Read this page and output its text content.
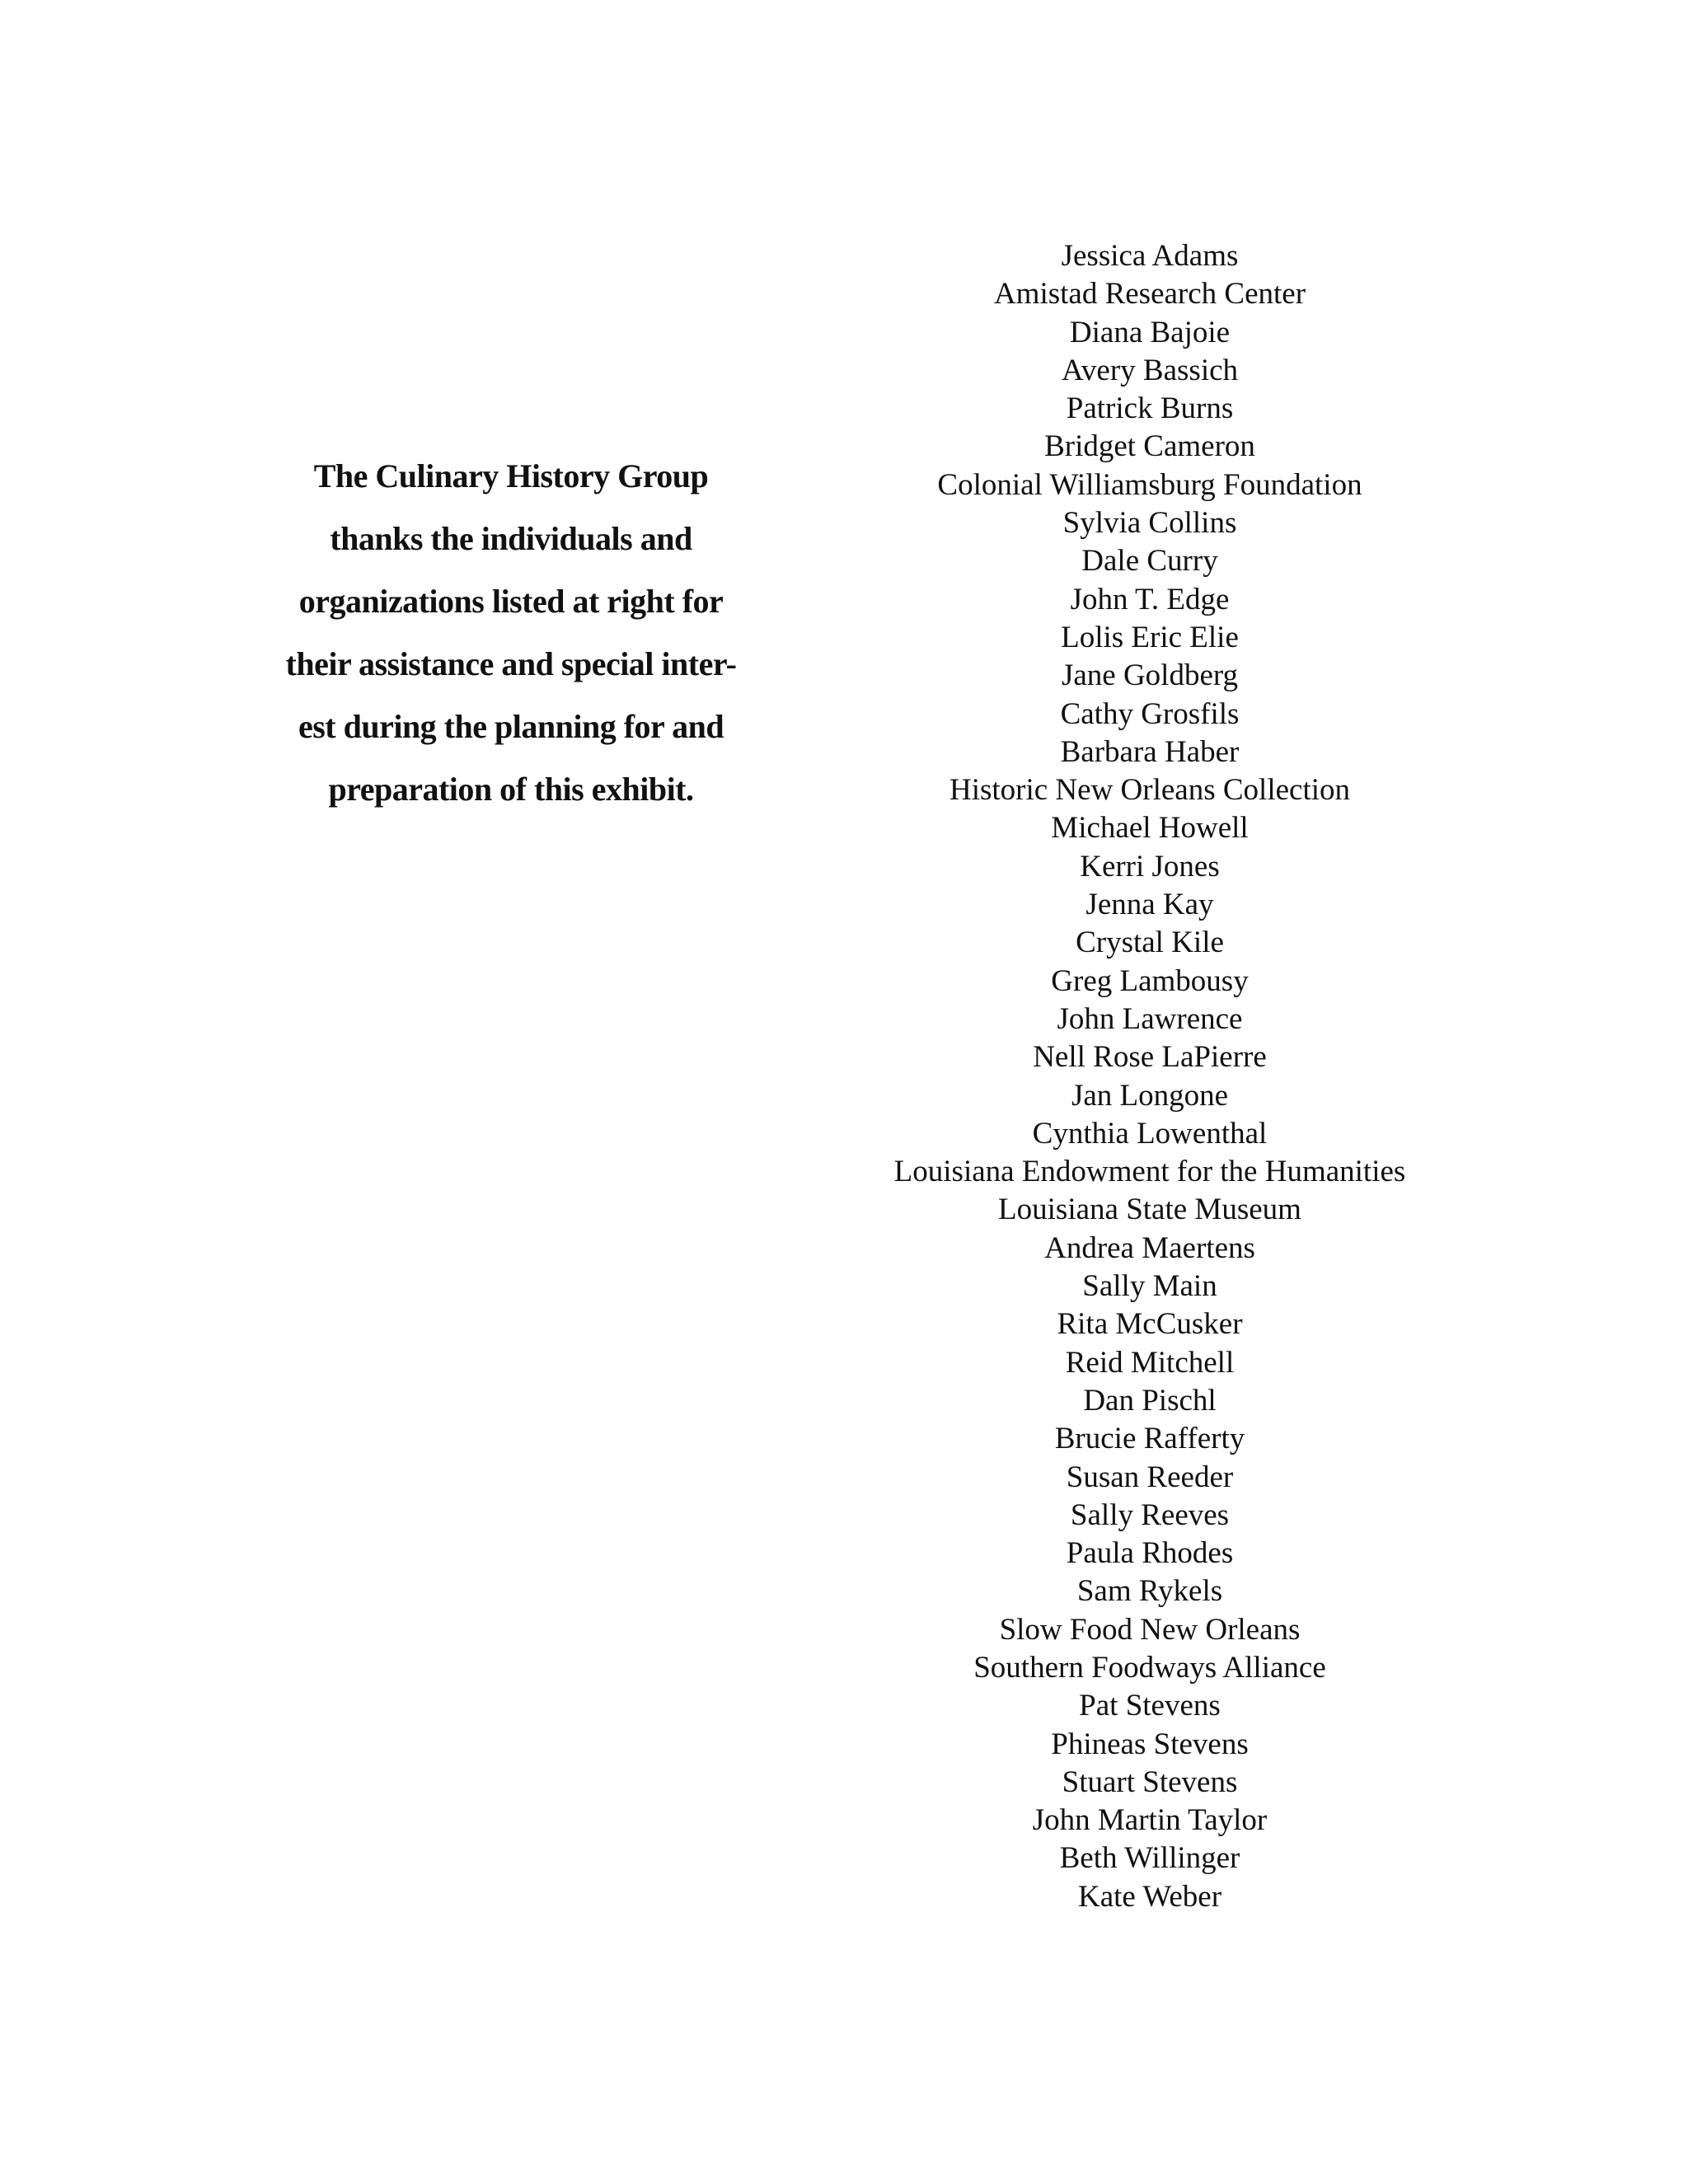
The Culinary History Group
thanks the individuals and
organizations listed at right for
their assistance and special inter-
est during the planning for and
preparation of this exhibit.
Jessica Adams
Amistad Research Center
Diana Bajoie
Avery Bassich
Patrick Burns
Bridget Cameron
Colonial Williamsburg Foundation
Sylvia Collins
Dale Curry
John T. Edge
Lolis Eric Elie
Jane Goldberg
Cathy Grosfils
Barbara Haber
Historic New Orleans Collection
Michael Howell
Kerri Jones
Jenna Kay
Crystal Kile
Greg Lambousy
John Lawrence
Nell Rose LaPierre
Jan Longone
Cynthia Lowenthal
Louisiana Endowment for the Humanities
Louisiana State Museum
Andrea Maertens
Sally Main
Rita McCusker
Reid Mitchell
Dan Pischl
Brucie Rafferty
Susan Reeder
Sally Reeves
Paula Rhodes
Sam Rykels
Slow Food New Orleans
Southern Foodways Alliance
Pat Stevens
Phineas Stevens
Stuart Stevens
John Martin Taylor
Beth Willinger
Kate Weber
